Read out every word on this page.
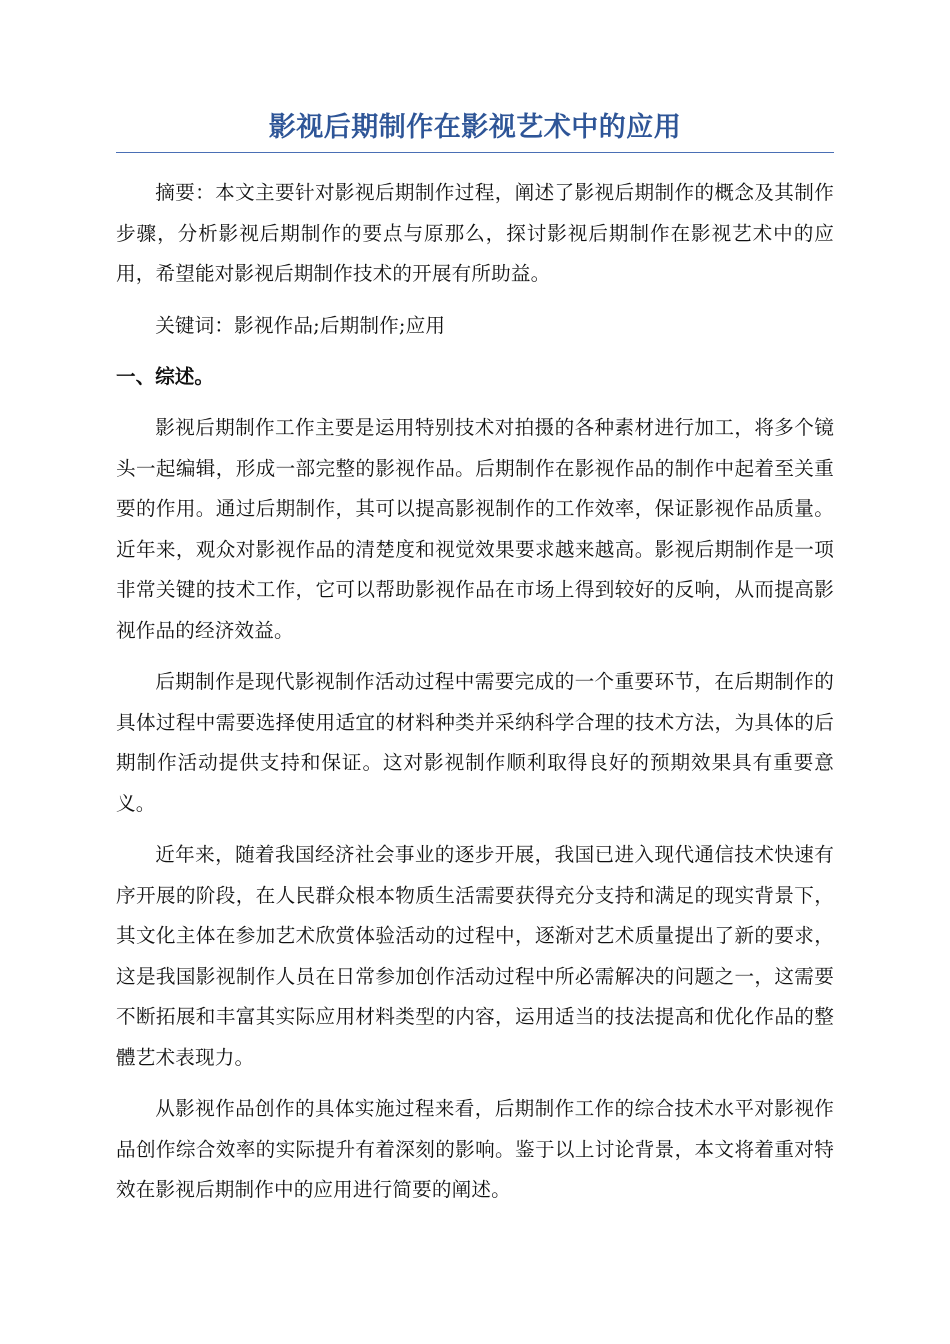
影视后期制作在影视艺术中的应用

摘要：本文主要针对影视后期制作过程，阐述了影视后期制作的概念及其制作步骤，分析影视后期制作的要点与原那么，探讨影视后期制作在影视艺术中的应用，希望能对影视后期制作技术的开展有所助益。

关键词：影视作品;后期制作;应用

一、综述。

影视后期制作工作主要是运用特别技术对拍摄的各种素材进行加工，将多个镜头一起编辑，形成一部完整的影视作品。后期制作在影视作品的制作中起着至关重要的作用。通过后期制作，其可以提高影视制作的工作效率，保证影视作品质量。近年来，观众对影视作品的清楚度和视觉效果要求越来越高。影视后期制作是一项非常关键的技术工作，它可以帮助影视作品在市场上得到较好的反响，从而提高影视作品的经济效益。

后期制作是现代影视制作活动过程中需要完成的一个重要环节，在后期制作的具体过程中需要选择使用适宜的材料种类并采纳科学合理的技术方法，为具体的后期制作活动提供支持和保证。这对影视制作顺利取得良好的预期效果具有重要意义。

近年来，随着我国经济社会事业的逐步开展，我国已进入现代通信技术快速有序开展的阶段，在人民群众根本物质生活需要获得充分支持和满足的现实背景下，其文化主体在参加艺术欣赏体验活动的过程中，逐渐对艺术质量提出了新的要求，这是我国影视制作人员在日常参加创作活动过程中所必需解决的问题之一，这需要不断拓展和丰富其实际应用材料类型的内容，运用适当的技法提高和优化作品的整體艺术表现力。

从影视作品创作的具体实施过程来看，后期制作工作的综合技术水平对影视作品创作综合效率的实际提升有着深刻的影响。鉴于以上讨论背景，本文将着重对特效在影视后期制作中的应用进行简要的阐述。
